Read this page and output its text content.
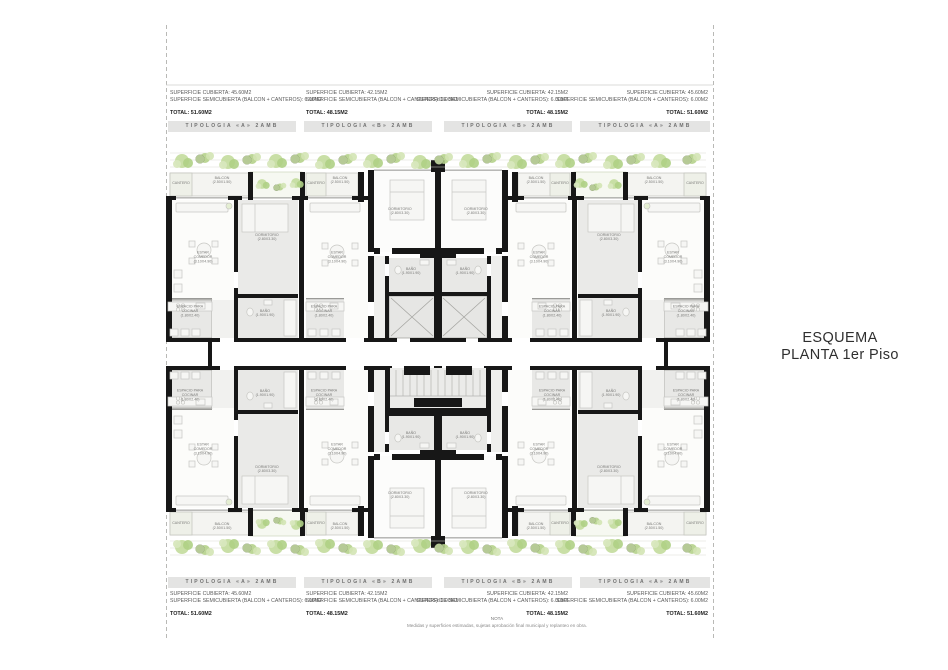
CANTERO	CANTERO
CANTERO	CANTERO
BALCON (2.50X1.50)
BALCON (2.50X1.50)
BALCON (2.50X1.50)
BALCON (2.50X1.50)
ESTAR COMEDOR (3.10X4.90)
ESTAR COMEDOR (3.10X4.90)
ESTAR COMEDOR (3.10X4.90)
ESTAR COMEDOR (3.10X4.90)
DORMITORIO (2.80X3.30)
DORMITORIO (2.80X3.30)
DORMITORIO (2.80X3.30)
DORMITORIO (2.80X3.30)
BAÑO (1.90X1.90)
BAÑO (1.90X1.90)
BAÑO (1.90X1.90)
BAÑO (1.90X1.90)
ESPACIO PARA COCINAR (1.80X2.40)
ESPACIO PARA COCINAR (1.80X2.40)
ESPACIO PARA COCINAR (1.80X2.40)
ESPACIO PARA COCINAR (1.80X2.40)
CANTERO	CANTERO
CANTERO	CANTERO
BALCON (2.50X1.50)
BALCON (2.50X1.50)
BALCON (2.50X1.50)
BALCON (2.50X1.50)
ESTAR COMEDOR (3.10X4.90)
ESTAR COMEDOR (3.10X4.90)
ESTAR COMEDOR (3.10X4.90)
ESTAR COMEDOR (3.10X4.90)
DORMITORIO (2.80X3.30)
DORMITORIO (2.80X3.30)
DORMITORIO (2.80X3.30)
DORMITORIO (2.80X3.30)
BAÑO (1.90X1.90)
BAÑO (1.90X1.90)
BAÑO (1.90X1.90)
BAÑO (1.90X1.90)
ESPACIO PARA COCINAR (1.80X2.40)
ESPACIO PARA COCINAR (1.80X2.40)
ESPACIO PARA COCINAR (1.80X2.40)
ESPACIO PARA COCINAR (1.80X2.40)
TIPOLOGIA «A» 2AMB
SUPERFICIE CUBIERTA: 45.60M2
SUPERFICIE SEMICUBIERTA (BALCON + CANTEROS): 6.00M2
TOTAL: 51.60M2
TIPOLOGIA «B» 2AMB
SUPERFICIE CUBIERTA: 42.15M2
SUPERFICIE SEMICUBIERTA (BALCON + CANTEROS): 6.00M2
TOTAL: 48.15M2
TIPOLOGIA «B» 2AMB
SUPERFICIE CUBIERTA: 42.15M2
SUPERFICIE SEMICUBIERTA (BALCON + CANTEROS): 6.00M2
TOTAL: 48.15M2
TIPOLOGIA «A» 2AMB
SUPERFICIE CUBIERTA: 45.60M2
SUPERFICIE SEMICUBIERTA (BALCON + CANTEROS): 6.00M2
TOTAL: 51.60M2
TIPOLOGIA «A» 2AMB
SUPERFICIE CUBIERTA: 45.60M2
SUPERFICIE SEMICUBIERTA (BALCON + CANTEROS): 6.00M2
TOTAL: 51.60M2
TIPOLOGIA «B» 2AMB
SUPERFICIE CUBIERTA: 42.15M2
SUPERFICIE SEMICUBIERTA (BALCON + CANTEROS): 6.00M2
TOTAL: 48.15M2
TIPOLOGIA «B» 2AMB
SUPERFICIE CUBIERTA: 42.15M2
SUPERFICIE SEMICUBIERTA (BALCON + CANTEROS): 6.00M2
TOTAL: 48.15M2
TIPOLOGIA «A» 2AMB
SUPERFICIE CUBIERTA: 45.60M2
SUPERFICIE SEMICUBIERTA (BALCON + CANTEROS): 6.00M2
TOTAL: 51.60M2
ESQUEMA
PLANTA 1er Piso
NOTA
Medidas y superficies estimadas, sujetas aprobación final municipal y replanteo en obra.
